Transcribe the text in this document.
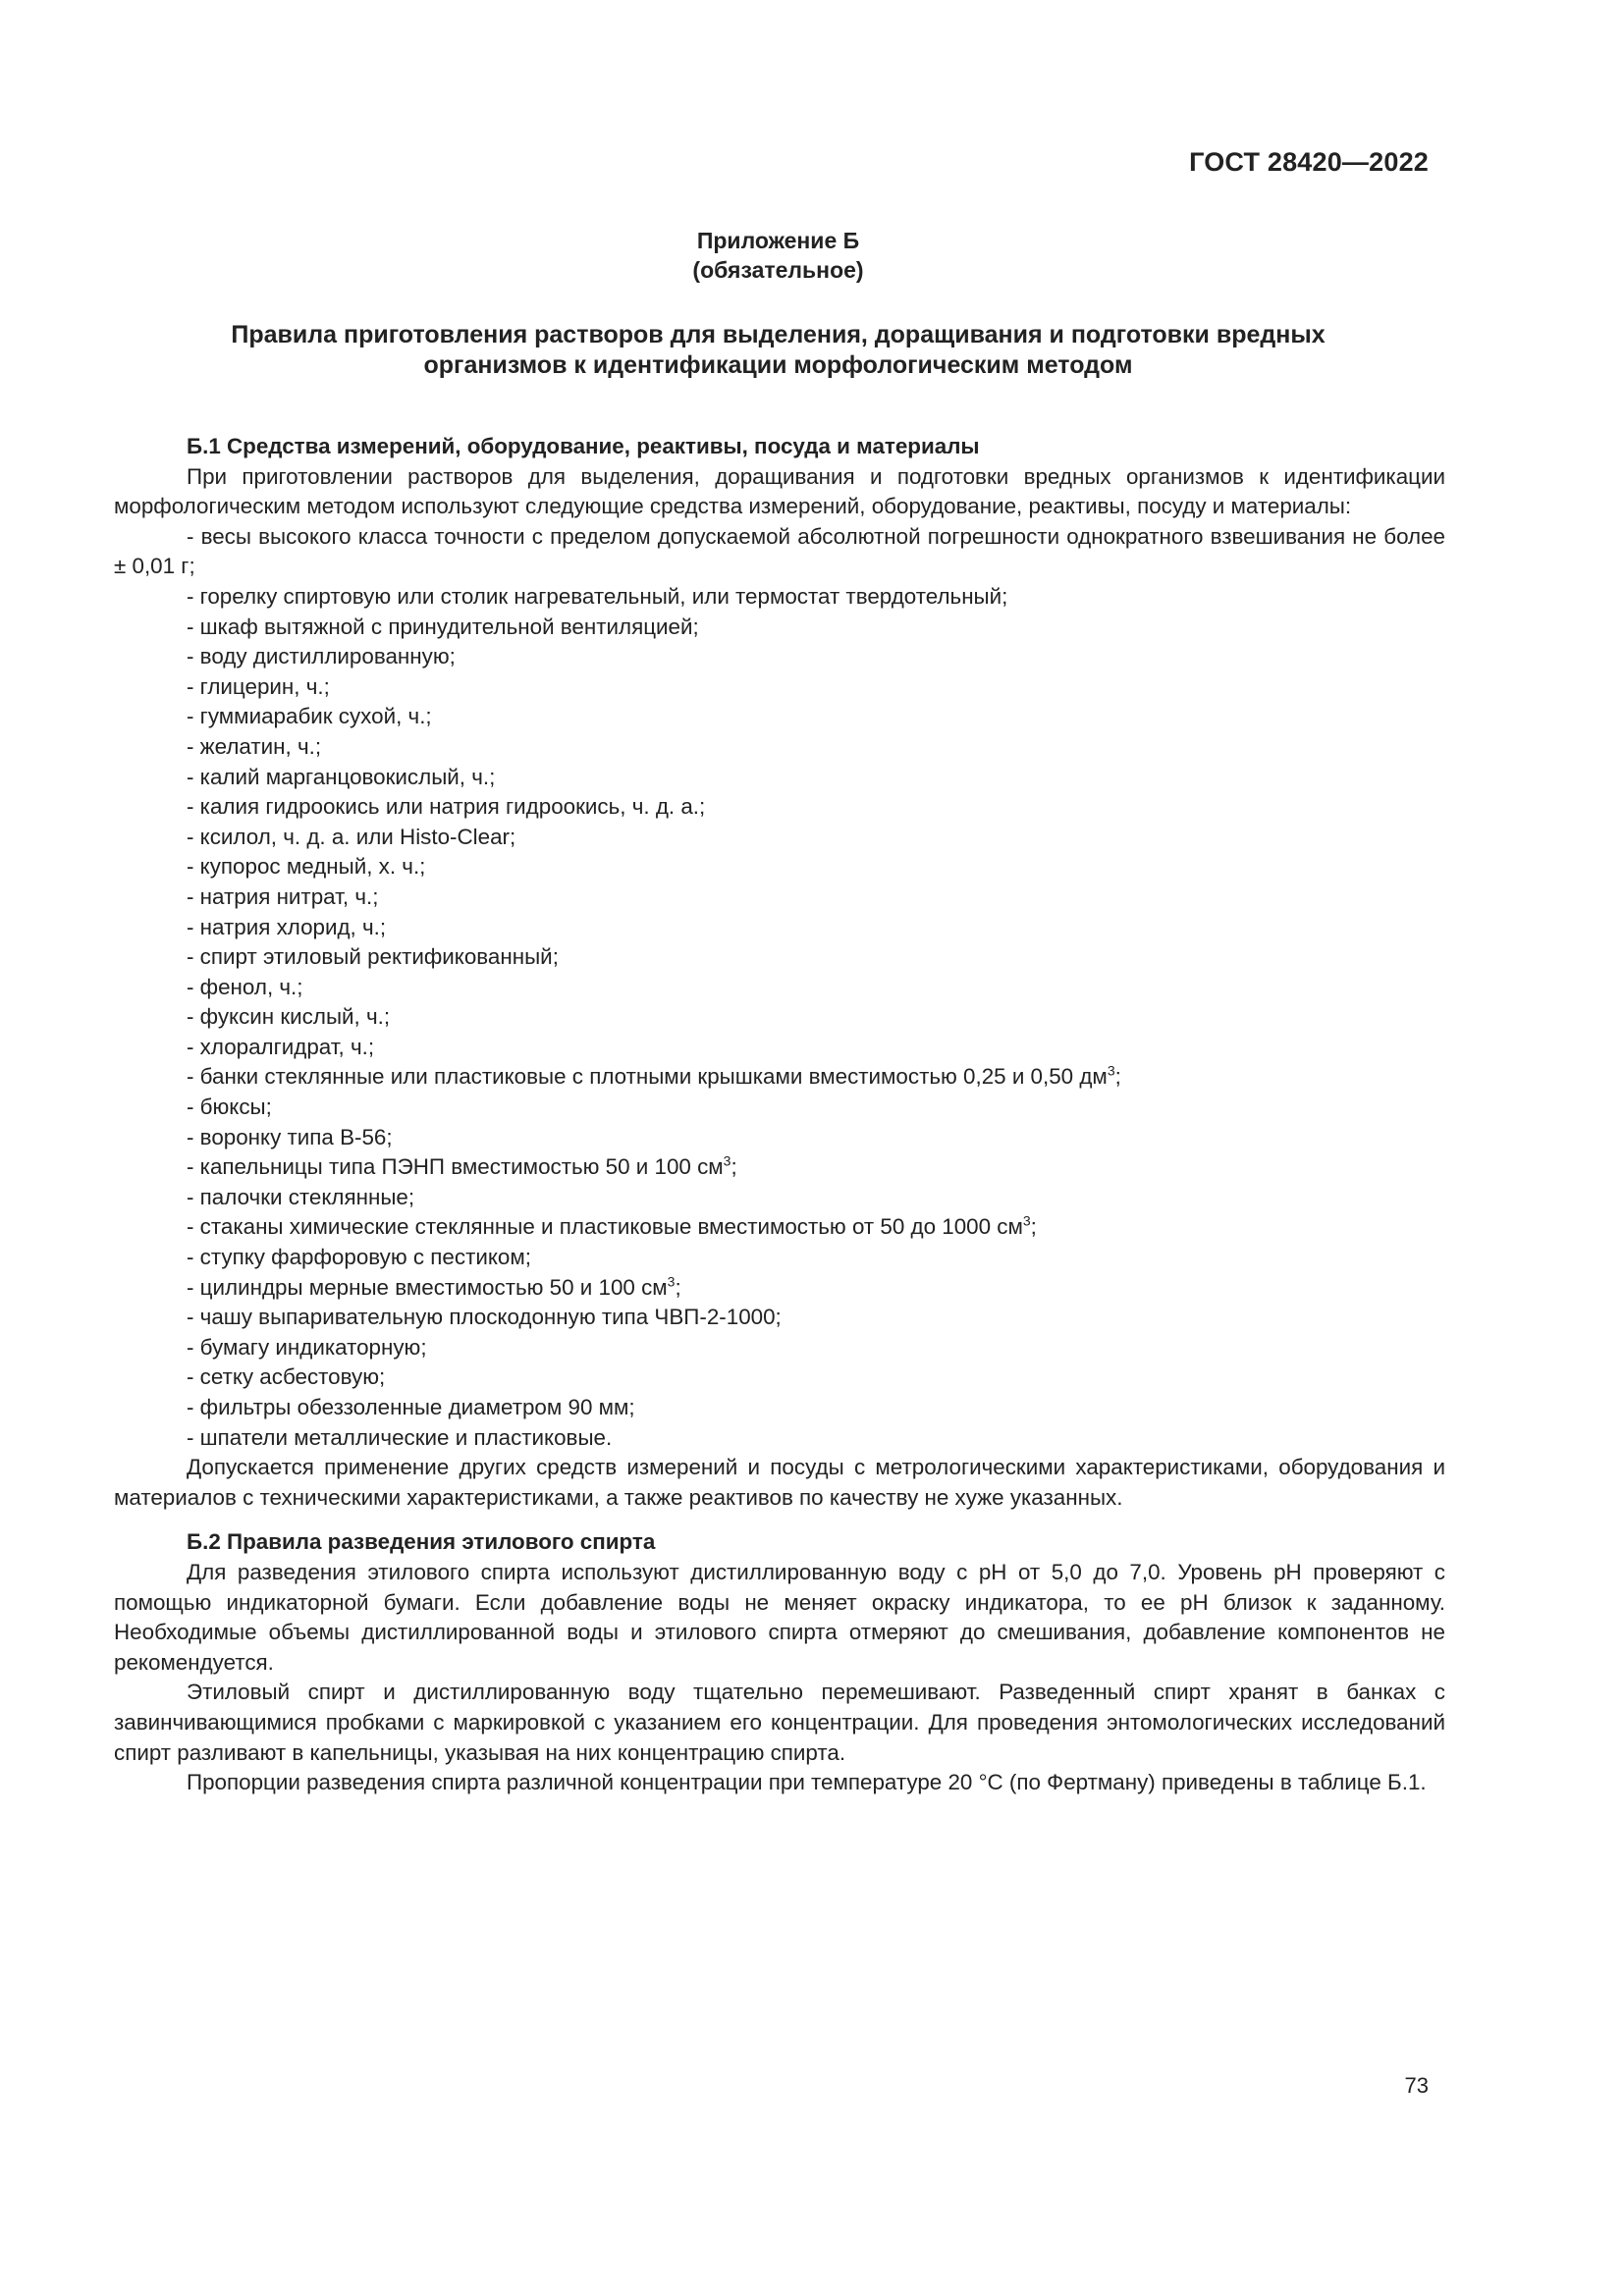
ГОСТ 28420—2022
Приложение Б
(обязательное)
Правила приготовления растворов для выделения, доращивания и подготовки вредных
организмов к идентификации морфологическим методом

Б.1 Средства измерений, оборудование, реактивы, посуда и материалы

При приготовлении растворов для выделения, доращивания и подготовки вредных организмов к идентификации морфологическим методом используют следующие средства измерений, оборудование, реактивы, посуду и материалы:

- весы высокого класса точности с пределом допускаемой абсолютной погрешности однократного взвешивания не более ± 0,01 г;

- горелку спиртовую или столик нагревательный, или термостат твердотельный;

- шкаф вытяжной с принудительной вентиляцией;

- воду дистиллированную;

- глицерин, ч.;

- гуммиарабик сухой, ч.;

- желатин, ч.;

- калий марганцовокислый, ч.;

- калия гидроокись или натрия гидроокись, ч. д. а.;

- ксилол, ч. д. а. или Histo-Clear;

- купорос медный, х. ч.;

- натрия нитрат, ч.;

- натрия хлорид, ч.;

- спирт этиловый ректификованный;

- фенол, ч.;

- фуксин кислый, ч.;

- хлоралгидрат, ч.;

- банки стеклянные или пластиковые с плотными крышками вместимостью 0,25 и 0,50 $дм^3$;

- бюксы;

- воронку типа В-56;

- капельницы типа ПЭНП вместимостью 50 и 100 $см^3$;

- палочки стеклянные;

- стаканы химические стеклянные и пластиковые вместимостью от 50 до 1000 $см^3$;

- ступку фарфоровую с пестиком;

- цилиндры мерные вместимостью 50 и 100 $см^3$;

- чашу выпаривательную плоскодонную типа ЧВП-2-1000;

- бумагу индикаторную;

- сетку асбестовую;

- фильтры обеззоленные диаметром 90 мм;

- шпатели металлические и пластиковые.

Допускается применение других средств измерений и посуды с метрологическими характеристиками, оборудования и материалов с техническими характеристиками, а также реактивов по качеству не хуже указанных.

Б.2 Правила разведения этилового спирта

Для разведения этилового спирта используют дистиллированную воду с pH от 5,0 до 7,0. Уровень pH проверяют с помощью индикаторной бумаги. Если добавление воды не меняет окраску индикатора, то ее pH близок к заданному. Необходимые объемы дистиллированной воды и этилового спирта отмеряют до смешивания, добавление компонентов не рекомендуется.

Этиловый спирт и дистиллированную воду тщательно перемешивают. Разведенный спирт хранят в банках с завинчивающимися пробками с маркировкой с указанием его концентрации. Для проведения энтомологических исследований спирт разливают в капельницы, указывая на них концентрацию спирта.

Пропорции разведения спирта различной концентрации при температуре 20 °С (по Фертману) приведены в таблице Б.1.

73
